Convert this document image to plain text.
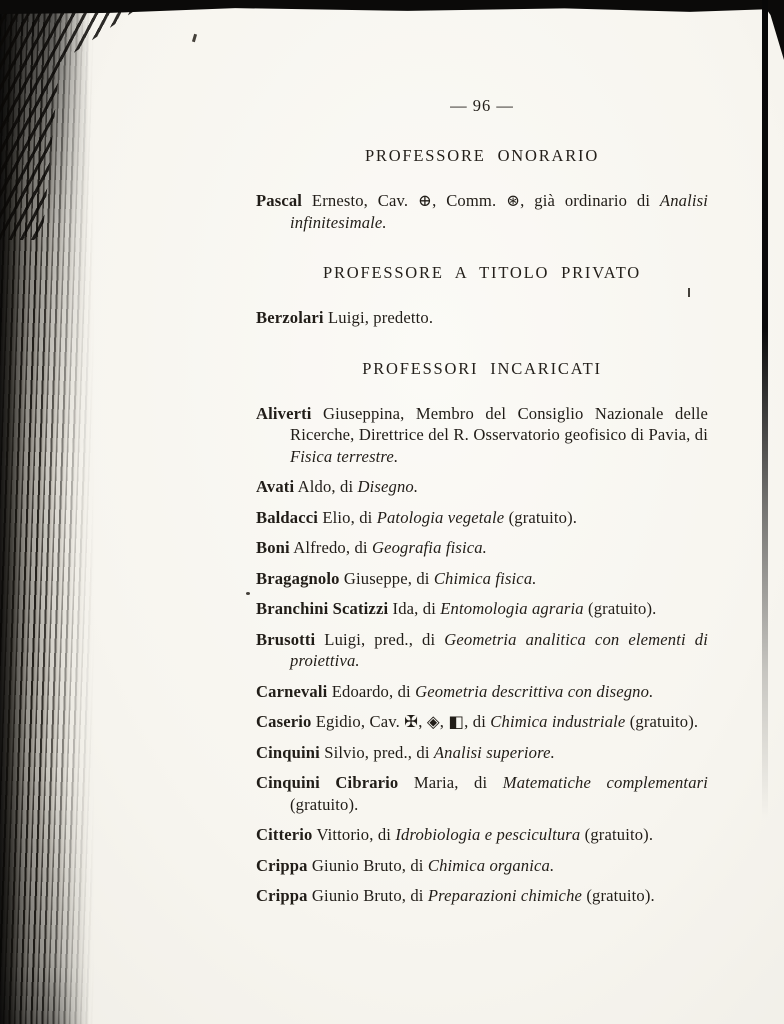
— 96 —

PROFESSORE ONORARIO

Pascal Ernesto, Cav. ⊕, Comm. ⊛, già ordinario di Analisi infinitesimale.

PROFESSORE A TITOLO PRIVATO

Berzolari Luigi, predetto.

PROFESSORI INCARICATI

Aliverti Giuseppina, Membro del Consiglio Nazionale delle Ricerche, Direttrice del R. Osservatorio geofisico di Pavia, di Fisica terrestre.

Avati Aldo, di Disegno.

Baldacci Elio, di Patologia vegetale (gratuito).

Boni Alfredo, di Geografia fisica.

Bragagnolo Giuseppe, di Chimica fisica.

Branchini Scatizzi Ida, di Entomologia agraria (gratuito).

Brusotti Luigi, pred., di Geometria analitica con elementi di proiettiva.

Carnevali Edoardo, di Geometria descrittiva con disegno.

Caserio Egidio, Cav. ✠, ◈, ◧, di Chimica industriale (gratuito).

Cinquini Silvio, pred., di Analisi superiore.

Cinquini Cibrario Maria, di Matematiche complementari (gratuito).

Citterio Vittorio, di Idrobiologia e pescicultura (gratuito).

Crippa Giunio Bruto, di Chimica organica.

Crippa Giunio Bruto, di Preparazioni chimiche (gratuito).
